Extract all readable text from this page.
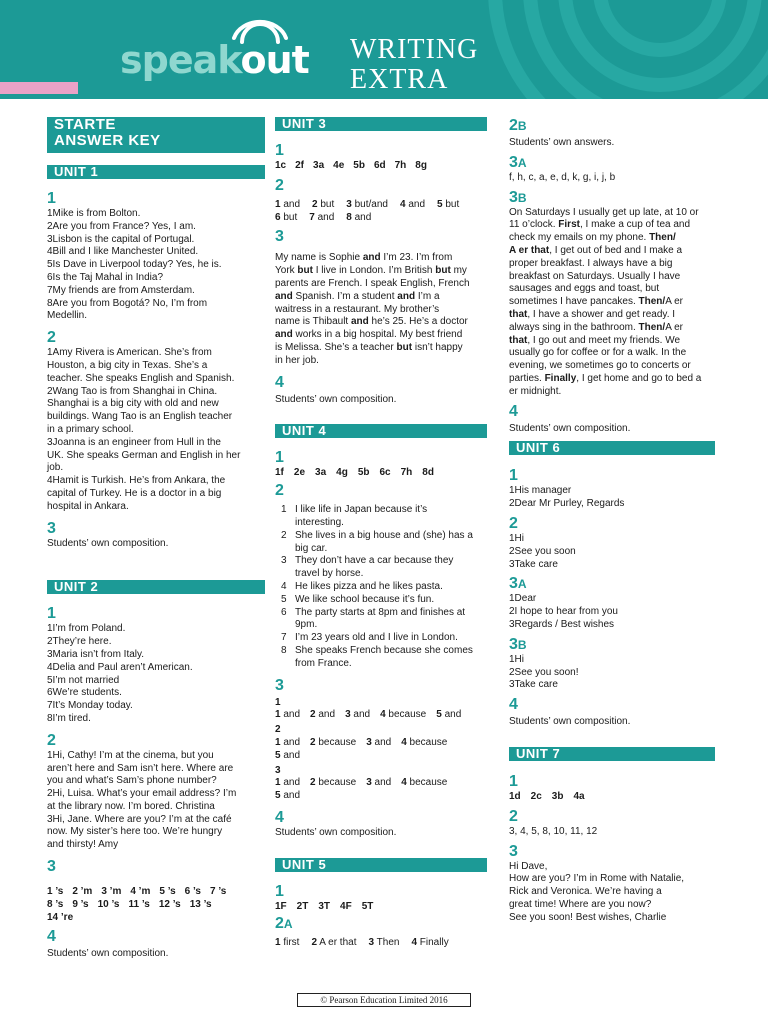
speakout WRITING
EXTRA
STARTE
ANSWER KEY
UNIT 1
1
1Mike is from Bolton.
2Are you from France? Yes, I am.
3Lisbon is the capital of Portugal.
4Bill and I like Manchester United.
5Is Dave in Liverpool today? Yes, he is.
6Is the Taj Mahal in India?
7My friends are from Amsterdam.
8Are you from Bogotá? No, I’m from
Medellin.
2
1Amy Rivera is American. She’s from
Houston, a big city in Texas. She’s a
teacher. She speaks English and Spanish.
2Wang Tao is from Shanghai in China.
Shanghai is a big city with old and new
buildings. Wang Tao is an English teacher
in a primary school.
3Joanna is an engineer from Hull in the
UK. She speaks German and English in her
job.
4Hamit is Turkish. He’s from Ankara, the
capital of Turkey. He is a doctor in a big
hospital in Ankara.
3
Students’ own composition.
UNIT 2
1
1I’m from Poland.
2They’re here.
3Maria isn’t from Italy.
4Delia and Paul aren’t American.
5I’m not married
6We’re students.
7It’s Monday today.
8I’m tired.
2
1Hi, Cathy! I’m at the cinema, but you
aren’t here and Sam isn’t here. Where are
you and what’s Sam’s phone number?
2Hi, Luisa. What’s your email address? I’m
at the library now. I’m bored. Christina
3Hi, Jane. Where are you? I’m at the café
now. My sister’s here too. We’re hungry
and thirsty! Amy
3
1 ’s 2 ’m 3 ’m 4 ’m 5 ’s 6 ’s 7 ’s
8 ’s 9 ’s 10 ’s 11 ’s 12 ’s 13 ’s
14 ’re
4
Students’ own composition.
UNIT 3
1
1c 2f 3a 4e 5b 6d 7h 8g
2
1 and 2 but 3 but/and 4 and 5 but
6 but 7 and 8 and
3
My name is Sophie and I’m 23. I’m from
York but I live in London. I’m British but my
parents are French. I speak English, French
and Spanish. I’m a student and I’m a
waitress in a restaurant. My brother’s
name is Thibault and he’s 25. He’s a doctor
and works in a big hospital. My best friend
is Melissa. She’s a teacher but isn’t happy
in her job.
4
Students’ own composition.
UNIT 4
1
1f 2e 3a 4g 5b 6c 7h 8d
2
1 I like life in Japan because it’s
interesting.
2 She lives in a big house and (she) has a
big car.
3 They don’t have a car because they
travel by horse.
4 He likes pizza and he likes pasta.
5 We like school because it’s fun.
6 The party starts at 8pm and finishes at
9pm.
7 I’m 23 years old and I live in London.
8 She speaks French because she comes
from France.
3
1
1 and 2 and 3 and 4 because 5 and
2
1 and 2 because 3 and 4 because
5 and
3
1 and 2 because 3 and 4 because
5 and
4
Students’ own composition.
UNIT 5
1
1F 2T 3T 4F 5T
2A
1 first 2 A er that 3 Then 4 Finally
2B
Students’ own answers.
3A
f, h, c, a, e, d, k, g, i, j, b
3B
On Saturdays I usually get up late, at 10 or
11 o’clock. First, I make a cup of tea and
check my emails on my phone. Then/
A er that, I get out of bed and I make a
proper breakfast. I always have a big
breakfast on Saturdays. Usually I have
sausages and eggs and toast, but
sometimes I have pancakes. Then/A er
that, I have a shower and get ready. I
always sing in the bathroom. Then/A er
that, I go out and meet my friends. We
usually go for coffee or for a walk. In the
evening, we sometimes go to concerts or
parties. Finally, I get home and go to bed a
er midnight.
4
Students’ own composition.
UNIT 6
1
1His manager
2Dear Mr Purley, Regards
2
1Hi
2See you soon
3Take care
3A
1Dear
2I hope to hear from you
3Regards / Best wishes
3B
1Hi
2See you soon!
3Take care
4
Students’ own composition.
UNIT 7
1
1d 2c 3b 4a
2
3, 4, 5, 8, 10, 11, 12
3
Hi Dave,
How are you? I’m in Rome with Natalie,
Rick and Veronica. We’re having a
great time! Where are you now?
See you soon! Best wishes, Charlie
© Pearson Education Limited 2016
